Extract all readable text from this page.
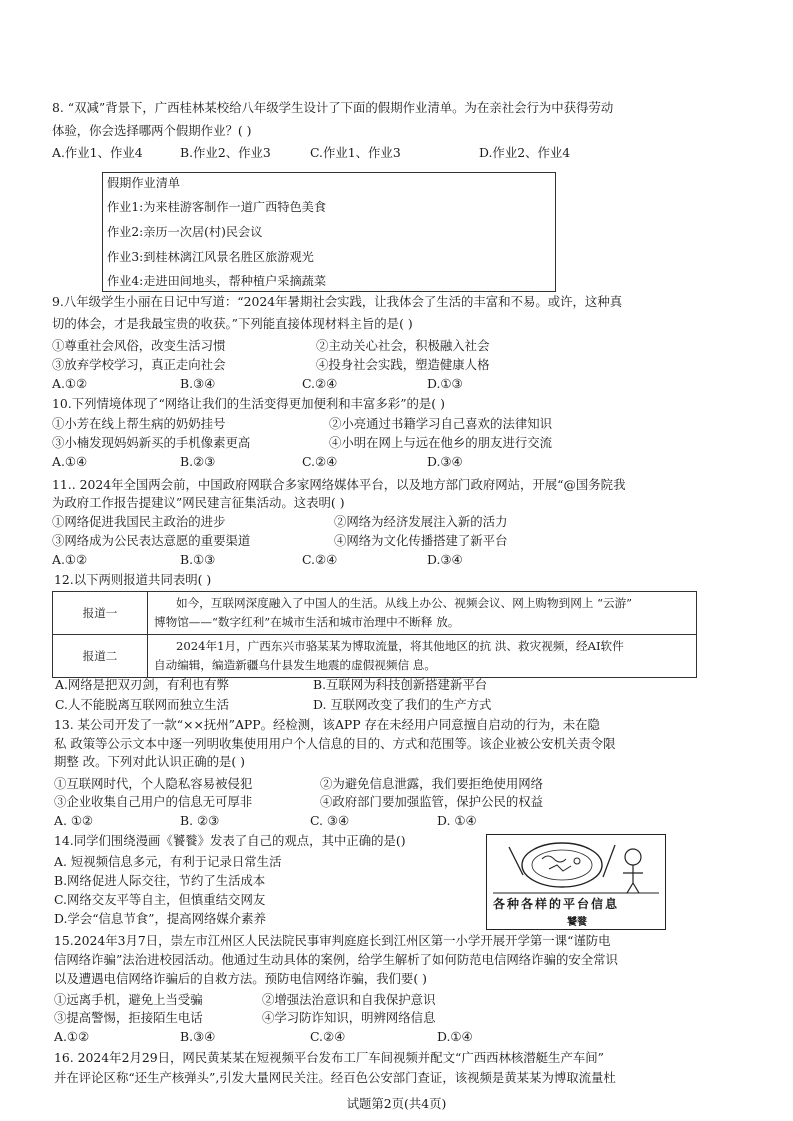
8. “双减”背景下，广西桂林某校给八年级学生设计了下面的假期作业清单。为在亲社会行为中获得劳动
体验，你会选择哪两个假期作业？( )
A.作业1、作业4	B.作业2、作业3	C.作业1、作业3	D.作业2、作业4
假期作业清单
作业1:为来桂游客制作一道广西特色美食
作业2:亲历一次居(村)民会议
作业3:到桂林漓江风景名胜区旅游观光
作业4:走进田间地头，帮种植户采摘蔬菜
9.八年级学生小丽在日记中写道：“2024年暑期社会实践，让我体会了生活的丰富和不易。或许，这种真
切的体会，才是我最宝贵的收获。”下列能直接体现材料主旨的是( )
①尊重社会风俗，改变生活习惯	②主动关心社会，积极融入社会
③放弃学校学习，真正走向社会	④投身社会实践，塑造健康人格
A.①②	B.③④	C.②④	D.①③
10.下列情境体现了“网络让我们的生活变得更加便利和丰富多彩”的是( )
①小芳在线上帮生病的奶奶挂号	②小亮通过书籍学习自己喜欢的法律知识
③小楠发现妈妈新买的手机像素更高	④小明在网上与远在他乡的朋友进行交流
A.①④	B.②③	C.②④	D.③④
11.. 2024年全国两会前，中国政府网联合多家网络媒体平台，以及地方部门政府网站，开展“@国务院我
为政府工作报告提建议”网民建言征集活动。这表明( )
①网络促进我国民主政治的进步	②网络为经济发展注入新的活力
③网络成为公民表达意愿的重要渠道	④网络为文化传播搭建了新平台
A.①②	B.①③	C.②④	D.③④
12.以下两则报道共同表明( )
报道一	如今，互联网深度融入了中国人的生活。从线上办公、视频会议、网上购物到网上 “云游”
博物馆——“数字红利”在城市生活和城市治理中不断释 放。

报道二	2024年1月，广西东兴市骆某某为博取流量，将其他地区的抗 洪、救灾视频，经AI软件
自动编辑，编造新疆乌什县发生地震的虚假视频信 息。
A.网络是把双刃剑，有利也有弊	B.互联网为科技创新搭建新平台
C.人不能脱离互联网而独立生活	D. 互联网改变了我们的生产方式
13. 某公司开发了一款“××抚州”APP。经检测，该APP 存在未经用户同意擅自启动的行为，未在隐
私 政策等公示文本中逐一列明收集使用用户个人信息的目的、方式和范围等。该企业被公安机关责令限
期整 改。下列对此认识正确的是( )
①互联网时代，个人隐私容易被侵犯	②为避免信息泄露，我们要拒绝使用网络
③企业收集自己用户的信息无可厚非	④政府部门要加强监管，保护公民的权益
A. ①②	B. ②③	C. ③④	D. ①④
14.同学们围绕漫画《饕餮》发表了自己的观点，其中正确的是()
A. 短视频信息多元，有利于记录日常生活
B.网络促进人际交往，节约了生活成本
C.网络交友平等自主，但慎重结交网友
D.学会“信息节食”，提高网络媒介素养
各种各样的平台信息
饕餮
15.2024年3月7日，崇左市江州区人民法院民事审判庭庭长到江州区第一小学开展开学第一课“谨防电
信网络诈骗”法治进校园活动。他通过生动具体的案例，给学生解析了如何防范电信网络诈骗的安全常识
以及遭遇电信网络诈骗后的自救方法。预防电信网络诈骗，我们要( )
①远离手机，避免上当受骗	②增强法治意识和自我保护意识
③提高警惕，拒接陌生电话	④学习防诈知识，明辨网络信息
A.①②	B.③④	C.②④	D.①④
16. 2024年2月29日，网民黄某某在短视频平台发布工厂车间视频并配文“广西西林核潜艇生产车间”
并在评论区称“还生产核弹头”,引发大量网民关注。经百色公安部门查证，该视频是黄某某为博取流量杜
试题第2页(共4页)
